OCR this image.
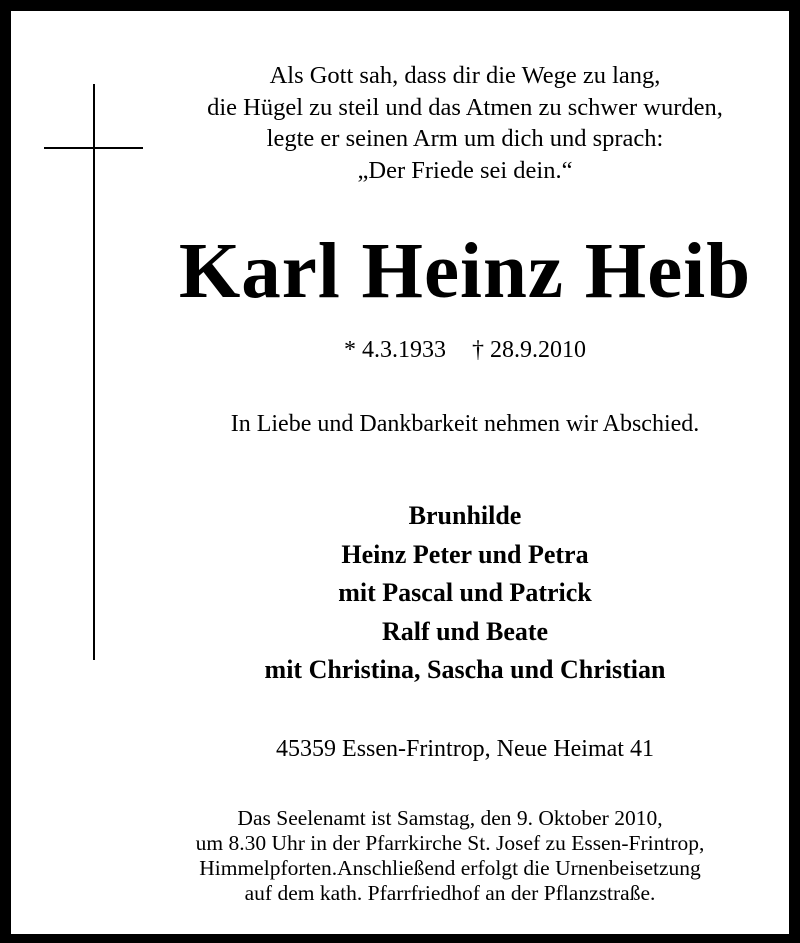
Als Gott sah, dass dir die Wege zu lang,
die Hügel zu steil und das Atmen zu schwer wurden,
legte er seinen Arm um dich und sprach:
„Der Friede sei dein.“
Karl Heinz Heib
* 4.3.1933 † 28.9.2010
In Liebe und Dankbarkeit nehmen wir Abschied.
Brunhilde
Heinz Peter und Petra
mit Pascal und Patrick
Ralf und Beate
mit Christina, Sascha und Christian
45359 Essen-Frintrop, Neue Heimat 41
Das Seelenamt ist Samstag, den 9. Oktober 2010,
um 8.30 Uhr in der Pfarrkirche St. Josef zu Essen-Frintrop,
Himmelpforten.Anschließend erfolgt die Urnenbeisetzung
auf dem kath. Pfarrfriedhof an der Pflanzstraße.
